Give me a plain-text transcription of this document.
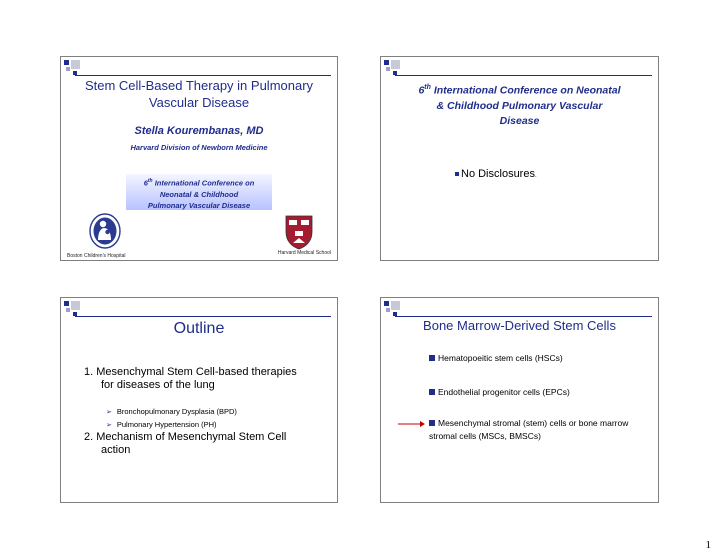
Stem Cell-Based Therapy in Pulmonary
Vascular Disease
Stella Kourembanas, MD
Harvard Division of Newborn Medicine
6th International Conference on
Neonatal & Childhood
Pulmonary Vascular Disease
Boston Children's Hospital	Harvard Medical School
6th International Conference on Neonatal
& Childhood Pulmonary Vascular
Disease
No Disclosures.
Outline
1. Mesenchymal Stem Cell-based therapies
for diseases of the lung
➢ Bronchopulmonary Dysplasia (BPD)
➢ Pulmonary Hypertension (PH)
2. Mechanism of Mesenchymal Stem Cell
action
Bone Marrow-Derived Stem Cells
Hematopoeitic stem cells (HSCs)
Endothelial progenitor cells (EPCs)
Mesenchymal stromal (stem) cells or bone marrow stromal cells (MSCs, BMSCs)
1
